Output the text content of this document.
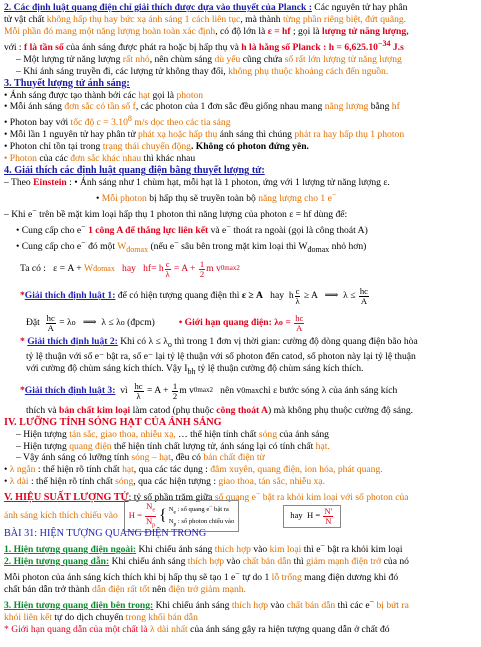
2. Các định luật quang điện chỉ giải thích được dựa vào thuyết của Planck : Các nguyên tử hay phân

tử vật chất không hấp thụ hay bức xạ ánh sáng 1 cách liên tục, mà thành từng phần riêng biệt, đứt quãng.

Mỗi phần đó mang một năng lượng hoàn toàn xác định, có độ lớn là ε = hf ; gọi là lượng tử năng lượng,

với : f là tần số của ánh sáng được phát ra hoặc bị hấp thụ và h là hằng số Planck : $h = 6,625.10^{-34}$ J.s

– Một lượng tử năng lượng rất nhỏ, nên chùm sáng dù yếu cũng chứa số rất lớn lượng tử năng lượng

– Khi ánh sáng truyền đi, các lượng tử không thay đổi, không phụ thuộc khoảng cách đến nguồn.

3. Thuyết lượng tử ánh sáng:

• Ánh sáng được tạo thành bởi các hạt gọi là photon

• Mỗi ánh sáng đơn sắc có tần số f, các photon của 1 đơn sắc đều giống nhau mang năng lượng bằng hf

• Photon bay với tốc độ $c = 3.10^8$ m/s dọc theo các tia sáng

• Mỗi lần 1 nguyên tử hay phân tử phát xạ hoặc hấp thụ ánh sáng thì chúng phát ra hay hấp thụ 1 photon

• Photon chỉ tồn tại trong trạng thái chuyển động. Không có photon đứng yên.

• Photon của các đơn sắc khác nhau thì khác nhau

4. Giải thích các định luật quang điện bằng thuyết lượng tử:

– Theo Einstein : • Ánh sáng như 1 chùm hạt, mỗi hạt là 1 photon, ứng với 1 lượng tử năng lượng ε.

• Mỗi photon bị hấp thụ sẽ truyền toàn bộ năng lượng cho 1 e−

– Khi e− trên bề mặt kim loại hấp thụ 1 photon thì năng lượng của photon ε = hf dùng để:

• Cung cấp cho e− 1 công A để thắng lực liên kết và e− thoát ra ngoài (gọi là công thoát A)

• Cung cấp cho e− đó một $W_{đomax}$ (nếu e− sâu bên trong mặt kim loại thì $W_{đomax}$ nhỏ hơn)

Ta có :   ε = A + W đomax hay   hf= h $\frac{c}{\lambda} = A + \frac{1}{2}$ m v 0max 2
* Giải thích định luật 1: để có hiện tượng quang điện thì ε ≥ A hay  h $\frac{c}{\lambda} \ge A$   ⟹  $\lambda \le \frac{hc}{A}$
Đặt $\frac{hc}{A} = \lambda$ o ⟹  λ ≤ λ o (đpcm)	• Giới hạn quang điện: λ $o = \frac{hc}{A}$

* Giải thích định luật 2: Khi có $\lambda \le \lambda_o$ thì trong 1 đơn vị thời gian: cường độ dòng quang điện bão hòa

tỷ lệ thuận với số e⁻ bật ra, số e⁻ lại tỷ lệ thuận với số photon đến catod, số photon này lại tỷ lệ thuận

với cường độ chùm sáng kích thích. Vậy $I_{bh}$ tỷ lệ thuận cường độ chùm sáng kích thích.

* Giải thích định luật 3: vì $\frac{hc}{\lambda} = A + \frac{1}{2}$ m v 0max 2 nên v 0max chỉ ε bước sóng λ của ánh sáng kích

thích và bản chất kim loại làm catod (phụ thuộc công thoát A) mà không phụ thuộc cường độ sáng.

IV. LƯỠNG TÍNH SÓNG HẠT CỦA ÁNH SÁNG

– Hiện tượng tán sắc, giao thoa, nhiễu xạ, … thể hiện tính chất sóng của ánh sáng

– Hiện tượng quang điện thể hiện tính chất lượng tử, ánh sáng lại có tính chất hạt.

– Vậy ánh sáng có lưỡng tính sóng – hạt, đều có bản chất điện từ

• λ ngắn : thể hiện rõ tính chất hạt, qua các tác dụng : đâm xuyên, quang điện, ion hóa, phát quang.

• λ dài : thể hiện rõ tính chất sóng, qua các hiện tượng : giao thoa, tán sắc, nhiễu xạ.

V. HIỆU SUẤT LƯỢNG TỬ: tỷ số phần trăm giữa số quang e− bật ra khỏi kim loại với số photon của

ánh sáng kích thích chiếu vào $H = \frac{N_e}{N_p}$ { $N_e$ : số quang e− bật ra
$N_p$ : số photon chiếu vào
hay  $H = \frac{N'}{N}$

BÀI 31: HIỆN TƯỢNG QUANG ĐIỆN TRONG

1. Hiện tượng quang điện ngoài: Khi chiếu ánh sáng thích hợp vào kim loại thì e− bật ra khỏi kim loại

2. Hiện tượng quang dẫn: Khi chiếu ánh sáng thích hợp vào chất bán dẫn thì giảm mạnh điện trở của nó

Mỗi photon của ánh sáng kích thích khi bị hấp thụ sẽ tạo 1 e− tự do 1 lỗ trống mang điện dương khi đó

chất bán dẫn trở thành dẫn điện rất tốt nên điện trở giảm mạnh.

3. Hiện tượng quang điện bên trong: Khi chiếu ánh sáng thích hợp vào chất bán dẫn thì các e− bị bứt ra

khỏi liên kết tự do dịch chuyển trong khối bán dẫn

* Giới hạn quang dẫn của một chất là λ dài nhất của ánh sáng gây ra hiện tượng quang dẫn ở chất đó
